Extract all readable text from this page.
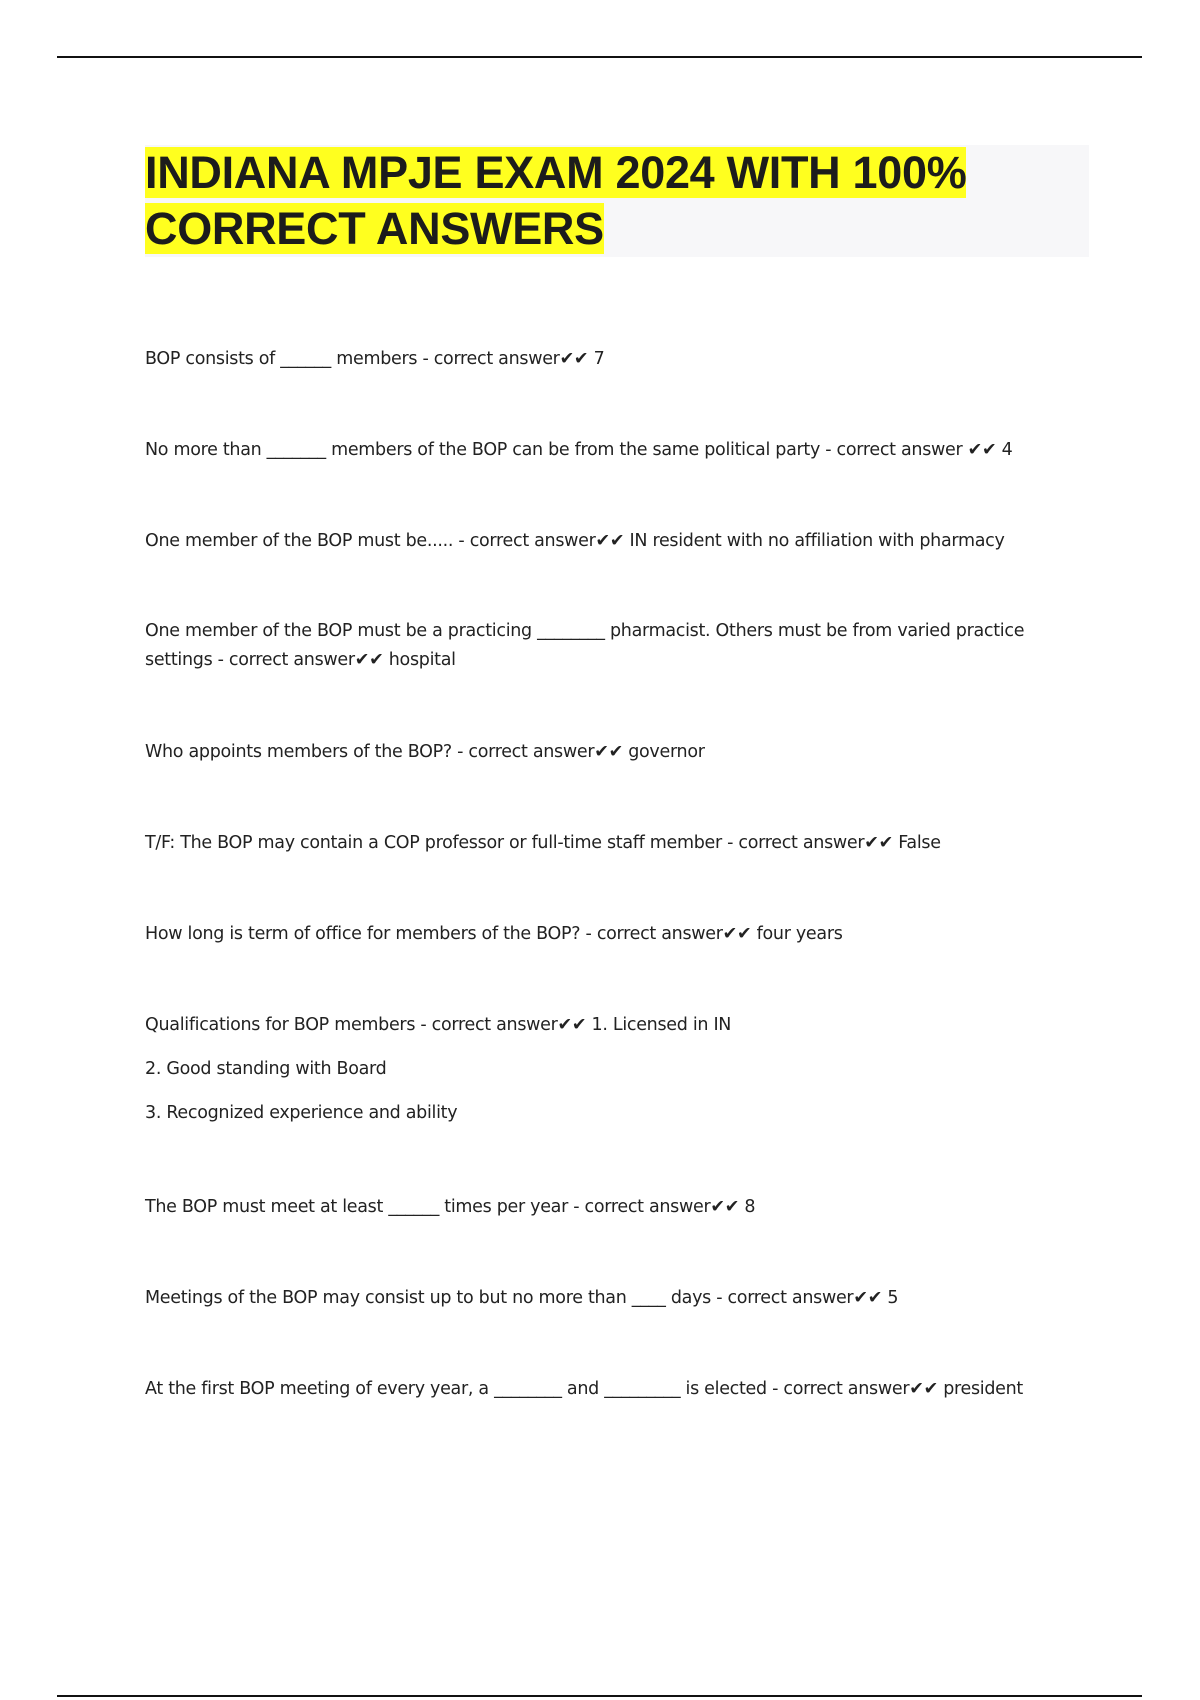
INDIANA MPJE EXAM 2024 WITH 100% CORRECT ANSWERS

BOP consists of ______ members - correct answer✔✔ 7

No more than _______ members of the BOP can be from the same political party - correct answer ✔✔ 4

One member of the BOP must be..... - correct answer✔✔ IN resident with no affiliation with pharmacy

One member of the BOP must be a practicing ________ pharmacist. Others must be from varied practice settings - correct answer✔✔ hospital

Who appoints members of the BOP? - correct answer✔✔ governor

T/F: The BOP may contain a COP professor or full-time staff member - correct answer✔✔ False

How long is term of office for members of the BOP? - correct answer✔✔ four years

Qualifications for BOP members - correct answer✔✔ 1. Licensed in IN
2. Good standing with Board
3. Recognized experience and ability

The BOP must meet at least ______ times per year - correct answer✔✔ 8

Meetings of the BOP may consist up to but no more than ____ days - correct answer✔✔ 5

At the first BOP meeting of every year, a ________ and _________ is elected - correct answer✔✔ president
